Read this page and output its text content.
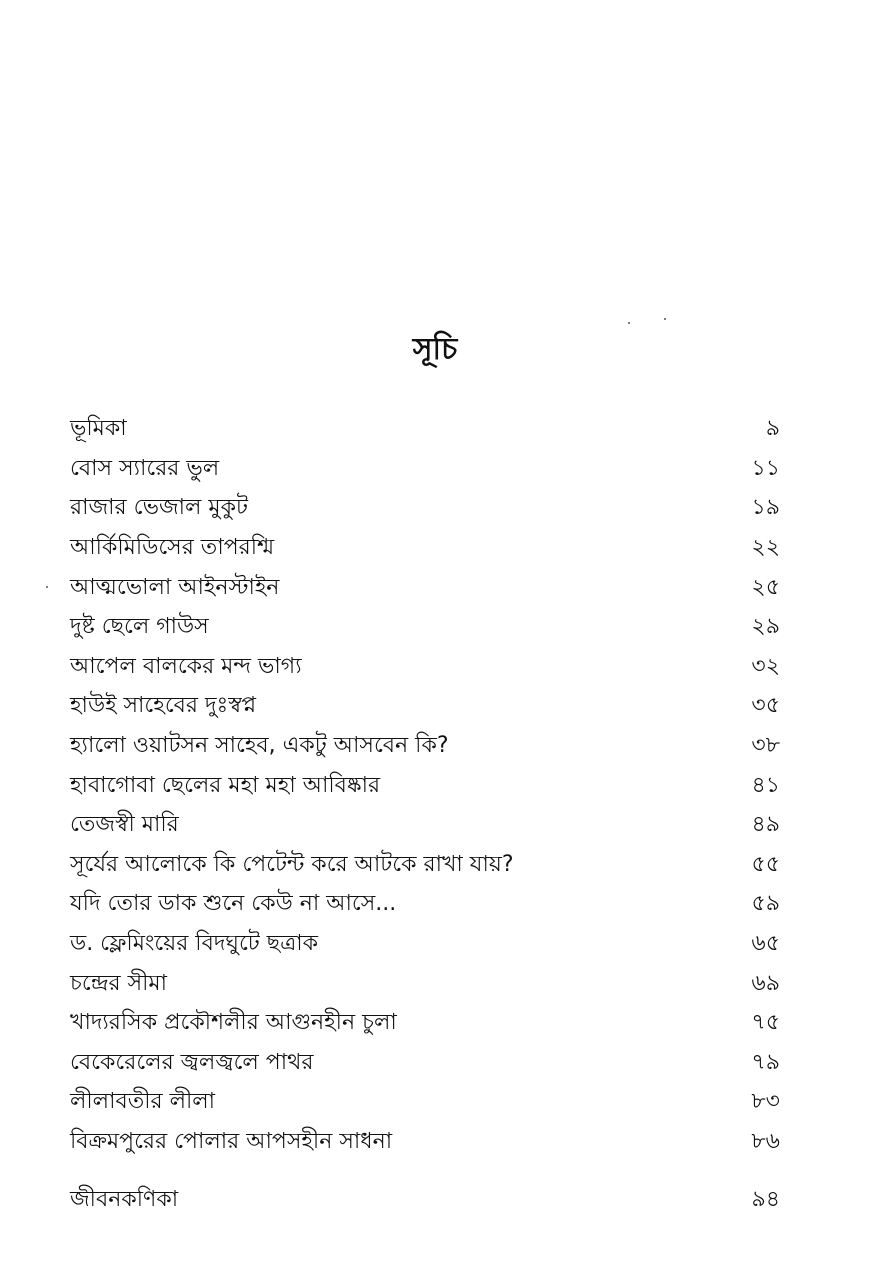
সূচি
ভূমিকা	৯
বোস স্যারের ভুল	১১
রাজার ভেজাল মুকুট	১৯
আর্কিমিডিসের তাপরশ্মি	২২
আত্মভোলা আইনস্টাইন	২৫
দুষ্ট ছেলে গাউস	২৯
আপেল বালকের মন্দ ভাগ্য	৩২
হাউই সাহেবের দুঃস্বপ্ন	৩৫
হ্যালো ওয়াটসন সাহেব, একটু আসবেন কি?	৩৮
হাবাগোবা ছেলের মহা মহা আবিষ্কার	৪১
তেজস্বী মারি	৪৯
সূর্যের আলোকে কি পেটেন্ট করে আটকে রাখা যায়?	৫৫
যদি তোর ডাক শুনে কেউ না আসে...	৫৯
ড. ফ্লেমিংয়ের বিদঘুটে ছত্রাক	৬৫
চন্দ্রের সীমা	৬৯
খাদ্যরসিক প্রকৌশলীর আগুনহীন চুলা	৭৫
বেকেরেলের জ্বলজ্বলে পাথর	৭৯
লীলাবতীর লীলা	৮৩
বিক্রমপুরের পোলার আপসহীন সাধনা	৮৬
জীবনকণিকা	৯৪
